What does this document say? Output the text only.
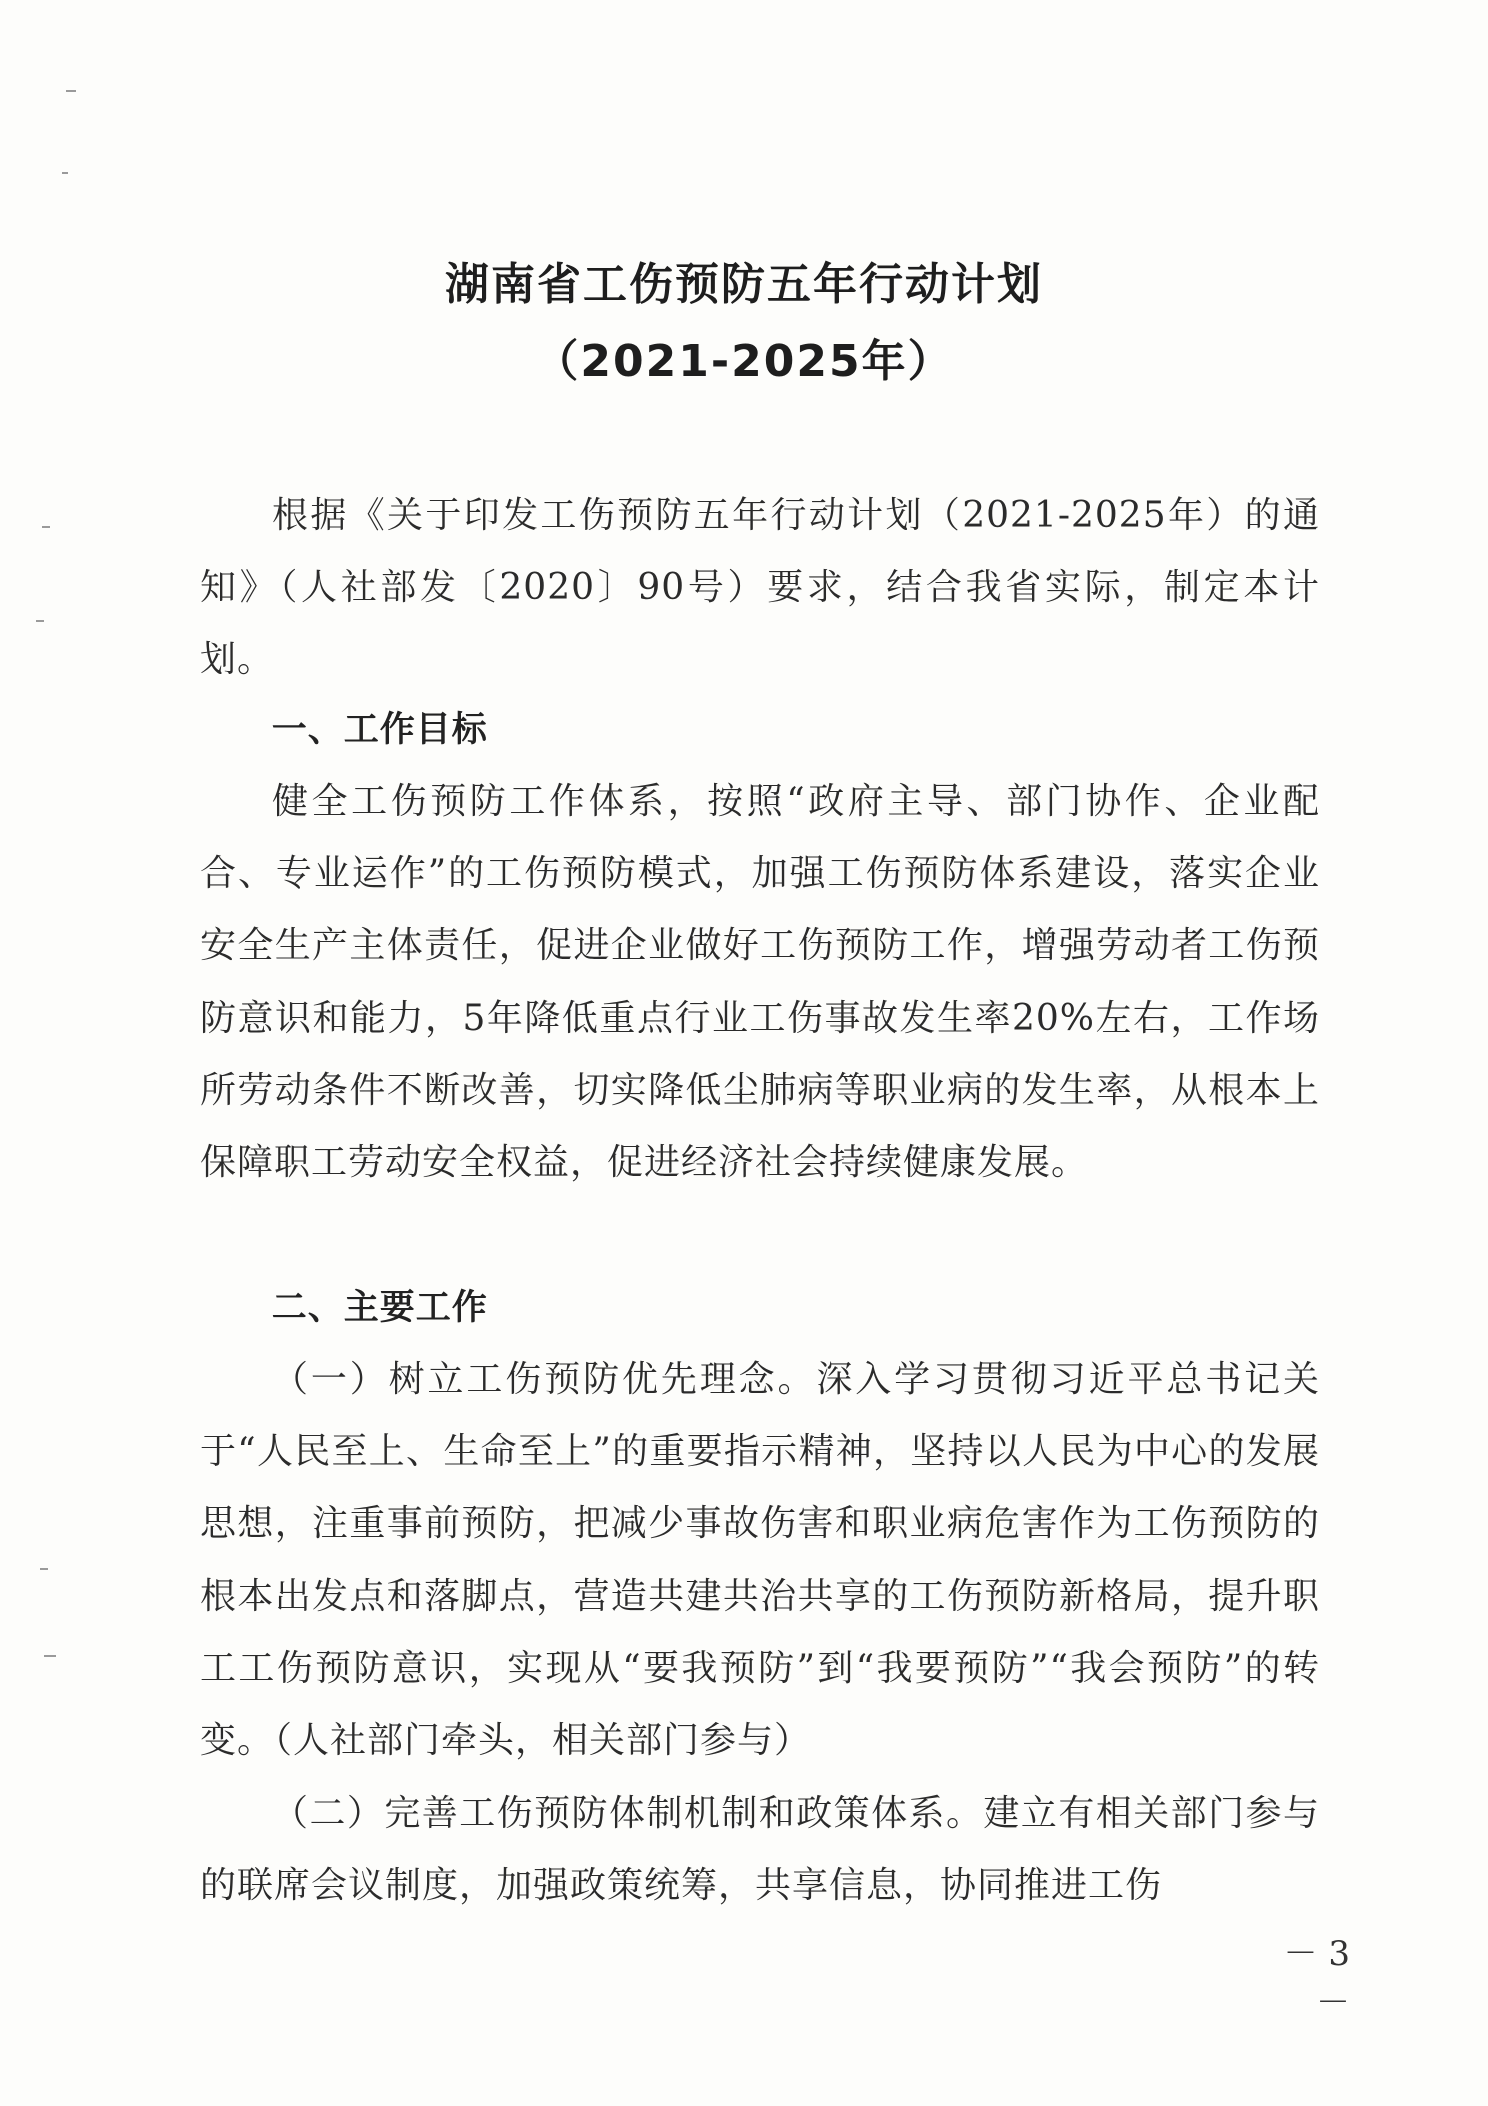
湖南省工伤预防五年行动计划
（2021-2025年）

根据《关于印发工伤预防五年行动计划（2021-2025年）的通知》（人社部发〔2020〕90号）要求，结合我省实际，制定本计划。

一、工作目标

健全工伤预防工作体系，按照“政府主导、部门协作、企业配合、专业运作”的工伤预防模式，加强工伤预防体系建设，落实企业安全生产主体责任，促进企业做好工伤预防工作，增强劳动者工伤预防意识和能力，5年降低重点行业工伤事故发生率20%左右，工作场所劳动条件不断改善，切实降低尘肺病等职业病的发生率，从根本上保障职工劳动安全权益，促进经济社会持续健康发展。

二、主要工作

（一）树立工伤预防优先理念。深入学习贯彻习近平总书记关于“人民至上、生命至上”的重要指示精神，坚持以人民为中心的发展思想，注重事前预防，把减少事故伤害和职业病危害作为工伤预防的根本出发点和落脚点，营造共建共治共享的工伤预防新格局，提升职工工伤预防意识，实现从“要我预防”到“我要预防”“我会预防”的转变。（人社部门牵头，相关部门参与）

（二）完善工伤预防体制机制和政策体系。建立有相关部门参与的联席会议制度，加强政策统筹，共享信息，协同推进工伤

－ 3 －
